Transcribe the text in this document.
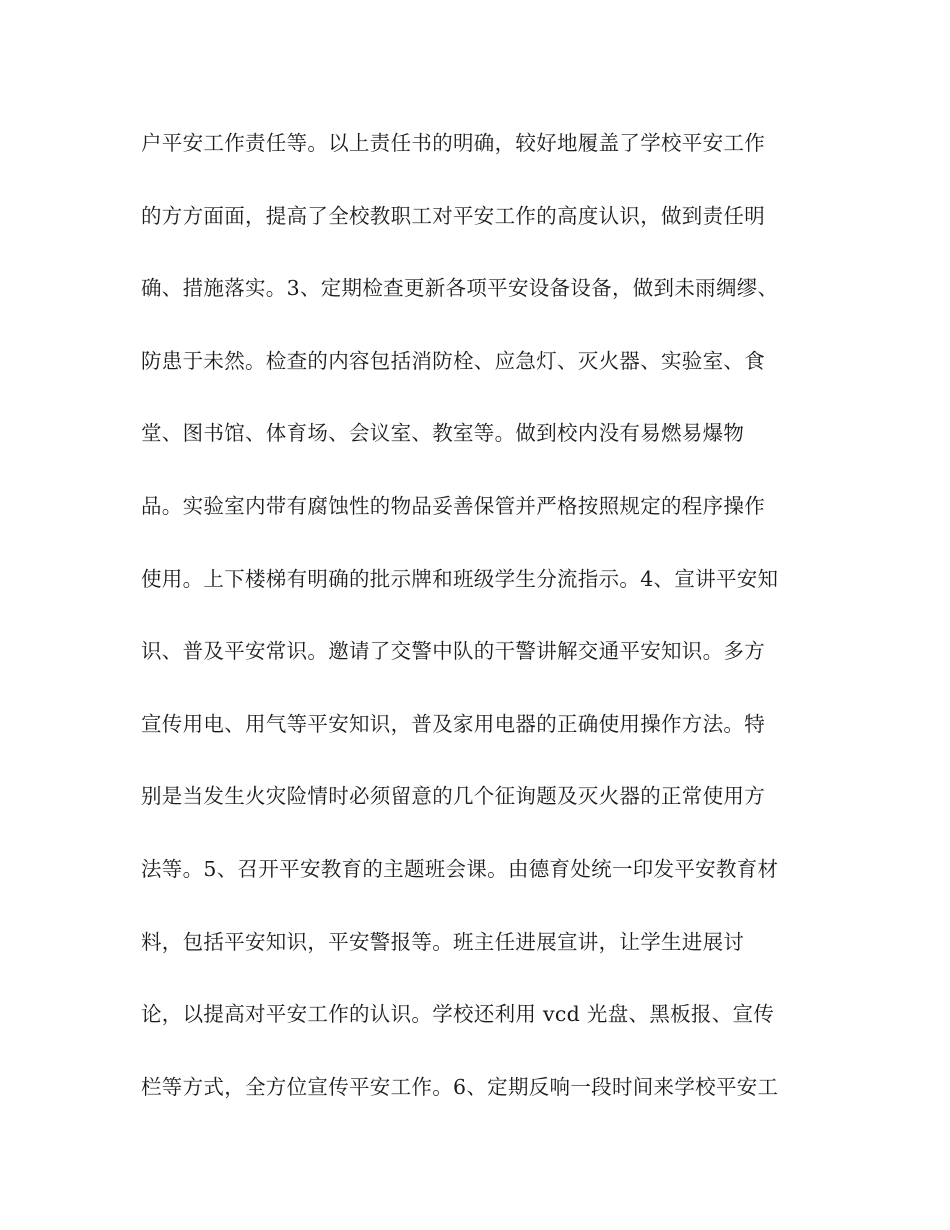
户平安工作责任等。以上责任书的明确，较好地履盖了学校平安工作
的方方面面，提高了全校教职工对平安工作的高度认识，做到责任明
确、措施落实。3、定期检查更新各项平安设备设备，做到未雨绸缪、
防患于未然。检查的内容包括消防栓、应急灯、灭火器、实验室、食
堂、图书馆、体育场、会议室、教室等。做到校内没有易燃易爆物
品。实验室内带有腐蚀性的物品妥善保管并严格按照规定的程序操作
使用。上下楼梯有明确的批示牌和班级学生分流指示。4、宣讲平安知
识、普及平安常识。邀请了交警中队的干警讲解交通平安知识。多方
宣传用电、用气等平安知识，普及家用电器的正确使用操作方法。特
别是当发生火灾险情时必须留意的几个征询题及灭火器的正常使用方
法等。5、召开平安教育的主题班会课。由德育处统一印发平安教育材
料，包括平安知识，平安警报等。班主任进展宣讲，让学生进展讨
论，以提高对平安工作的认识。学校还利用 vcd 光盘、黑板报、宣传
栏等方式，全方位宣传平安工作。6、定期反响一段时间来学校平安工
